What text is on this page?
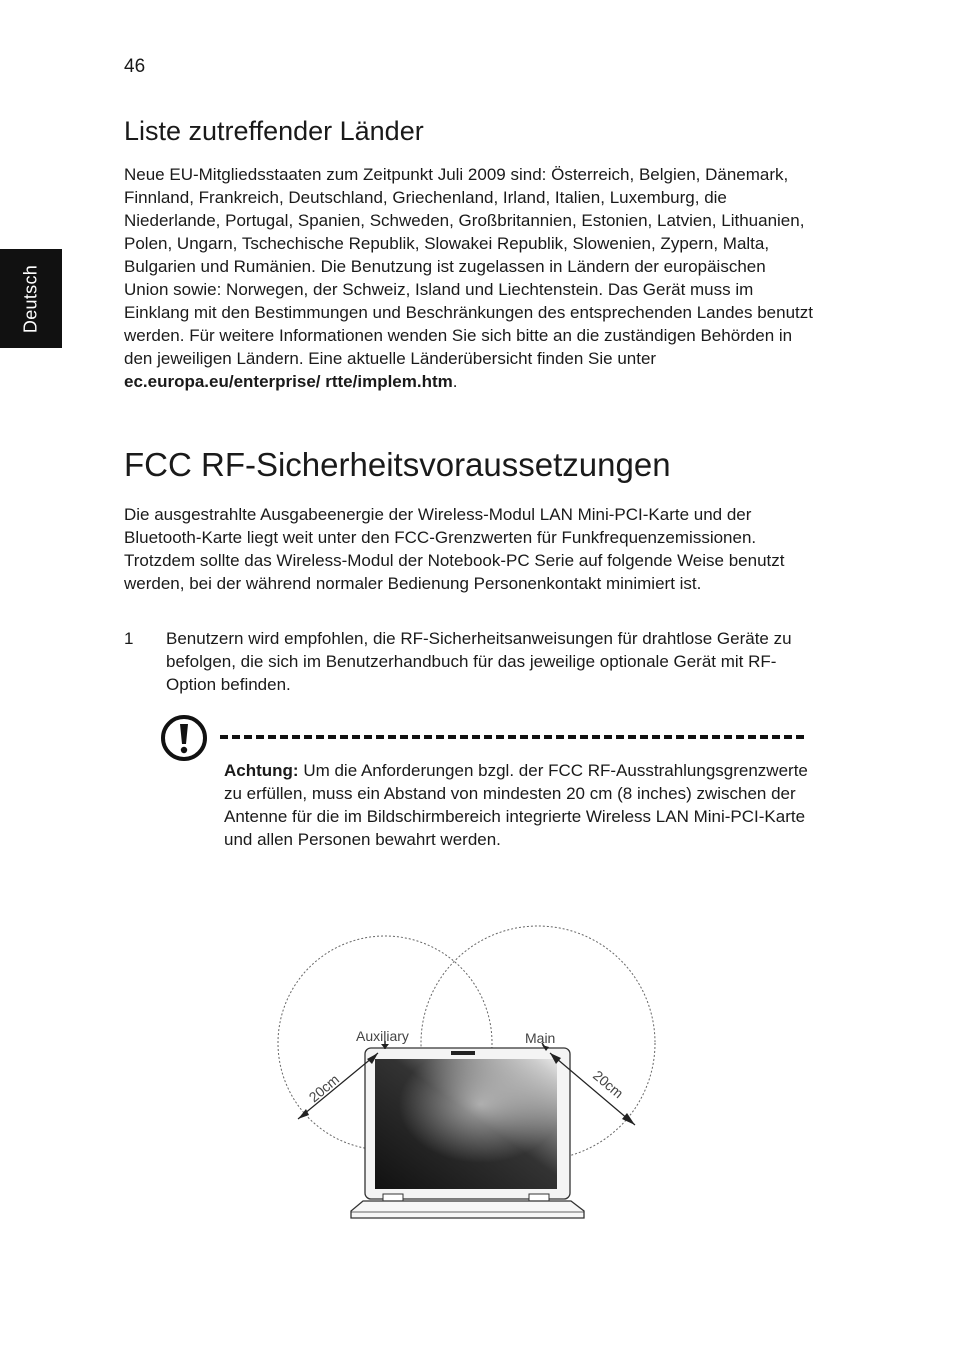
46
Deutsch
Liste zutreffender Länder

Neue EU-Mitgliedsstaaten zum Zeitpunkt Juli 2009 sind: Österreich, Belgien, Dänemark, Finnland, Frankreich, Deutschland, Griechenland, Irland, Italien, Luxemburg, die Niederlande, Portugal, Spanien, Schweden, Großbritannien, Estonien, Latvien, Lithuanien, Polen, Ungarn, Tschechische Republik, Slowakei Republik, Slowenien, Zypern, Malta, Bulgarien und Rumänien. Die Benutzung ist zugelassen in Ländern der europäischen Union sowie: Norwegen, der Schweiz, Island und Liechtenstein. Das Gerät muss im Einklang mit den Bestimmungen und Beschränkungen des entsprechenden Landes benutzt werden. Für weitere Informationen wenden Sie sich bitte an die zuständigen Behörden in den jeweiligen Ländern. Eine aktuelle Länderübersicht finden Sie unter ec.europa.eu/enterprise/ rtte/implem.htm.

FCC RF-Sicherheitsvoraussetzungen

Die ausgestrahlte Ausgabeenergie der Wireless-Modul LAN Mini-PCI-Karte und der Bluetooth-Karte liegt weit unter den FCC-Grenzwerten für Funkfrequenzemissionen. Trotzdem sollte das Wireless-Modul der Notebook-PC Serie auf folgende Weise benutzt werden, bei der während normaler Bedienung Personenkontakt minimiert ist.

1 Benutzern wird empfohlen, die RF-Sicherheitsanweisungen für drahtlose Geräte zu befolgen, die sich im Benutzerhandbuch für das jeweilige optionale Gerät mit RF-Option befinden.
Achtung: Um die Anforderungen bzgl. der FCC RF-Ausstrahlungsgrenzwerte zu erfüllen, muss ein Abstand von mindesten 20 cm (8 inches) zwischen der Antenne für die im Bildschirmbereich integrierte Wireless LAN Mini-PCI-Karte und allen Personen bewahrt werden.
Auxiliary	Main
20cm	20cm
